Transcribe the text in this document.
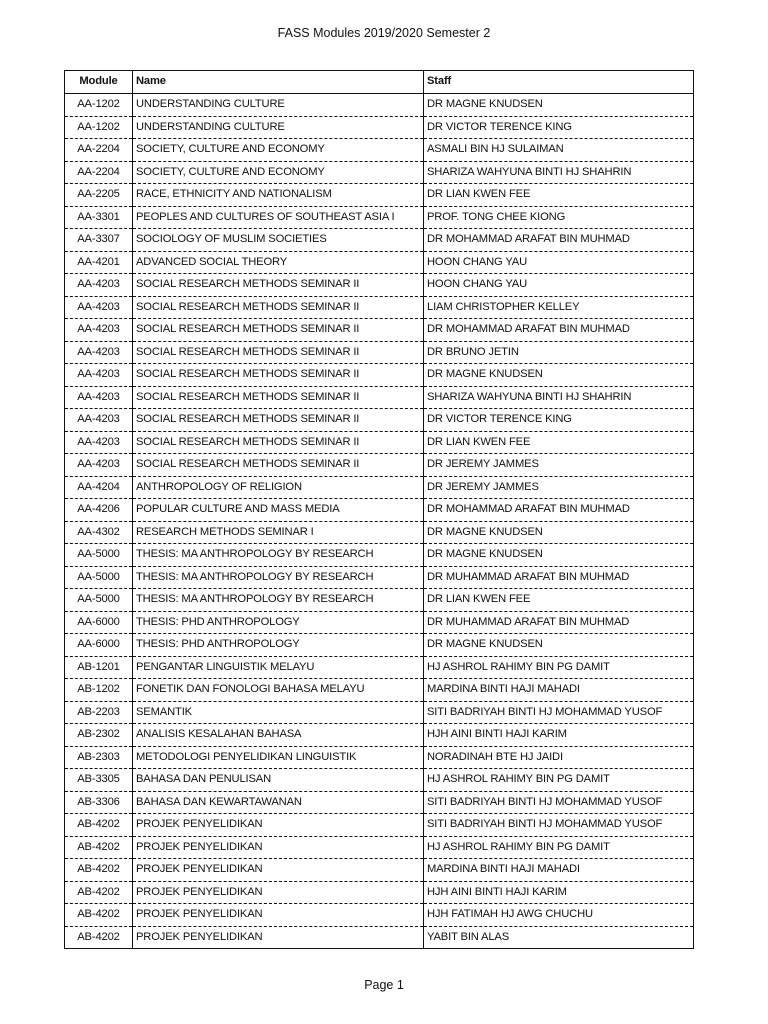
FASS Modules 2019/2020 Semester 2
Module	Name	Staff
AA-1202	UNDERSTANDING CULTURE	DR MAGNE KNUDSEN
AA-1202	UNDERSTANDING CULTURE	DR VICTOR TERENCE KING
AA-2204	SOCIETY, CULTURE AND ECONOMY	ASMALI BIN HJ SULAIMAN
AA-2204	SOCIETY, CULTURE AND ECONOMY	SHARIZA WAHYUNA BINTI HJ SHAHRIN
AA-2205	RACE, ETHNICITY AND NATIONALISM	DR LIAN KWEN FEE
AA-3301	PEOPLES AND CULTURES OF SOUTHEAST ASIA I	PROF. TONG CHEE KIONG
AA-3307	SOCIOLOGY OF MUSLIM SOCIETIES	DR MOHAMMAD ARAFAT BIN MUHMAD
AA-4201	ADVANCED SOCIAL THEORY	HOON CHANG YAU
AA-4203	SOCIAL RESEARCH METHODS SEMINAR II	HOON CHANG YAU
AA-4203	SOCIAL RESEARCH METHODS SEMINAR II	LIAM CHRISTOPHER KELLEY
AA-4203	SOCIAL RESEARCH METHODS SEMINAR II	DR MOHAMMAD ARAFAT BIN MUHMAD
AA-4203	SOCIAL RESEARCH METHODS SEMINAR II	DR BRUNO JETIN
AA-4203	SOCIAL RESEARCH METHODS SEMINAR II	DR MAGNE KNUDSEN
AA-4203	SOCIAL RESEARCH METHODS SEMINAR II	SHARIZA WAHYUNA BINTI HJ SHAHRIN
AA-4203	SOCIAL RESEARCH METHODS SEMINAR II	DR VICTOR TERENCE KING
AA-4203	SOCIAL RESEARCH METHODS SEMINAR II	DR LIAN KWEN FEE
AA-4203	SOCIAL RESEARCH METHODS SEMINAR II	DR JEREMY JAMMES
AA-4204	ANTHROPOLOGY OF RELIGION	DR JEREMY JAMMES
AA-4206	POPULAR CULTURE AND MASS MEDIA	DR MOHAMMAD ARAFAT BIN MUHMAD
AA-4302	RESEARCH METHODS SEMINAR I	DR MAGNE KNUDSEN
AA-5000	THESIS: MA ANTHROPOLOGY BY RESEARCH	DR MAGNE KNUDSEN
AA-5000	THESIS: MA ANTHROPOLOGY BY RESEARCH	DR MUHAMMAD ARAFAT BIN MUHMAD
AA-5000	THESIS: MA ANTHROPOLOGY BY RESEARCH	DR LIAN KWEN FEE
AA-6000	THESIS: PHD ANTHROPOLOGY	DR MUHAMMAD ARAFAT BIN MUHMAD
AA-6000	THESIS: PHD ANTHROPOLOGY	DR MAGNE KNUDSEN
AB-1201	PENGANTAR LINGUISTIK MELAYU	HJ ASHROL RAHIMY BIN PG DAMIT
AB-1202	FONETIK DAN FONOLOGI BAHASA MELAYU	MARDINA BINTI HAJI MAHADI
AB-2203	SEMANTIK	SITI BADRIYAH BINTI HJ MOHAMMAD YUSOF
AB-2302	ANALISIS KESALAHAN BAHASA	HJH AINI BINTI HAJI KARIM
AB-2303	METODOLOGI PENYELIDIKAN LINGUISTIK	NORADINAH BTE HJ JAIDI
AB-3305	BAHASA DAN PENULISAN	HJ ASHROL RAHIMY BIN PG DAMIT
AB-3306	BAHASA DAN KEWARTAWANAN	SITI BADRIYAH BINTI HJ MOHAMMAD YUSOF
AB-4202	PROJEK PENYELIDIKAN	SITI BADRIYAH BINTI HJ MOHAMMAD YUSOF
AB-4202	PROJEK PENYELIDIKAN	HJ ASHROL RAHIMY BIN PG DAMIT
AB-4202	PROJEK PENYELIDIKAN	MARDINA BINTI HAJI MAHADI
AB-4202	PROJEK PENYELIDIKAN	HJH AINI BINTI HAJI KARIM
AB-4202	PROJEK PENYELIDIKAN	HJH FATIMAH HJ AWG CHUCHU
AB-4202	PROJEK PENYELIDIKAN	YABIT BIN ALAS
Page 1
